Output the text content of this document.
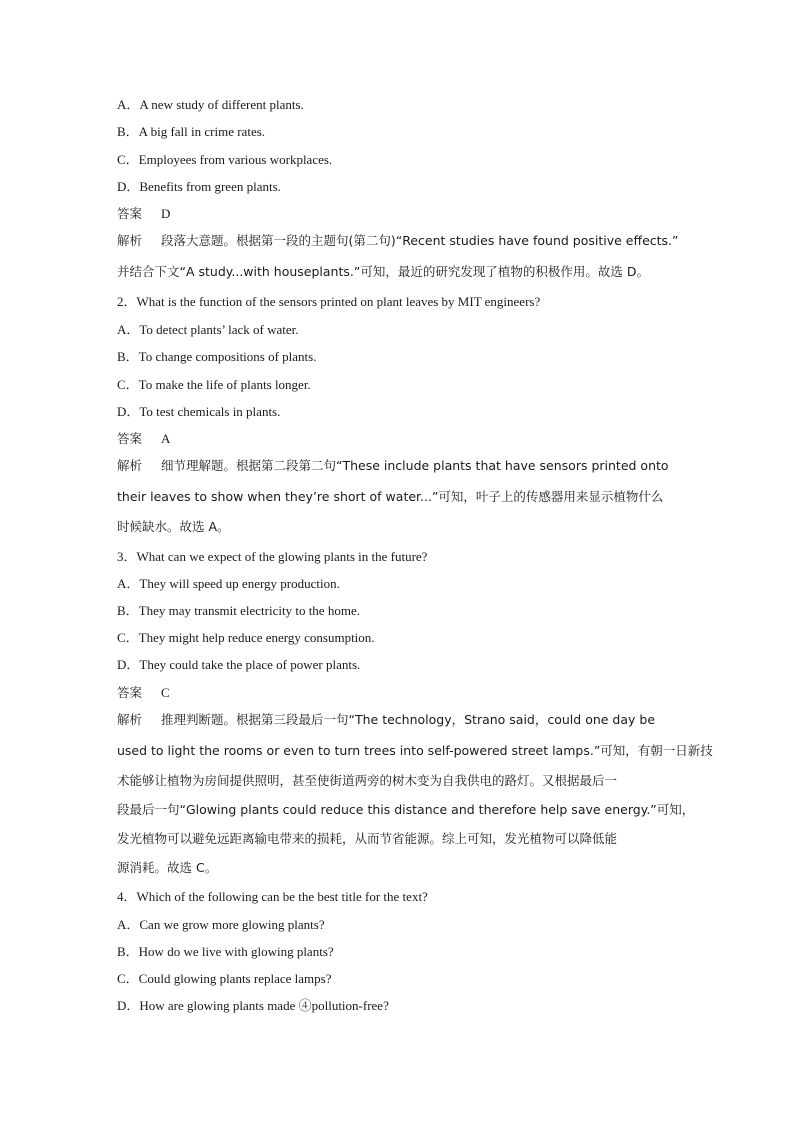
A．A new study of different plants.
B．A big fall in crime rates.
C．Employees from various workplaces.
D．Benefits from green plants.
答案 D
解析 段落大意题。根据第一段的主题句(第二句)“Recent studies have found positive effects.”
并结合下文“A study...with houseplants.”可知，最近的研究发现了植物的积极作用。故选 D。
2．What is the function of the sensors printed on plant leaves by MIT engineers?
A．To detect plants’ lack of water.
B．To change compositions of plants.
C．To make the life of plants longer.
D．To test chemicals in plants.
答案 A
解析 细节理解题。根据第二段第二句“These include plants that have sensors printed onto
their leaves to show when they’re short of water...”可知，叶子上的传感器用来显示植物什么
时候缺水。故选 A。
3．What can we expect of the glowing plants in the future?
A．They will speed up energy production.
B．They may transmit electricity to the home.
C．They might help reduce energy consumption.
D．They could take the place of power plants.
答案 C
解析 推理判断题。根据第三段最后一句“The technology，Strano said，could one day be
used to light the rooms or even to turn trees into self-powered street lamps.”可知，有朝一日新技
术能够让植物为房间提供照明，甚至使街道两旁的树木变为自我供电的路灯。又根据最后一
段最后一句“Glowing plants could reduce this distance and therefore help save energy.”可知，
发光植物可以避免远距离输电带来的损耗，从而节省能源。综上可知，发光植物可以降低能
源消耗。故选 C。
4．Which of the following can be the best title for the text?
A．Can we grow more glowing plants?
B．How do we live with glowing plants?
C．Could glowing plants replace lamps?
D．How are glowing plants made ④pollution-free?
